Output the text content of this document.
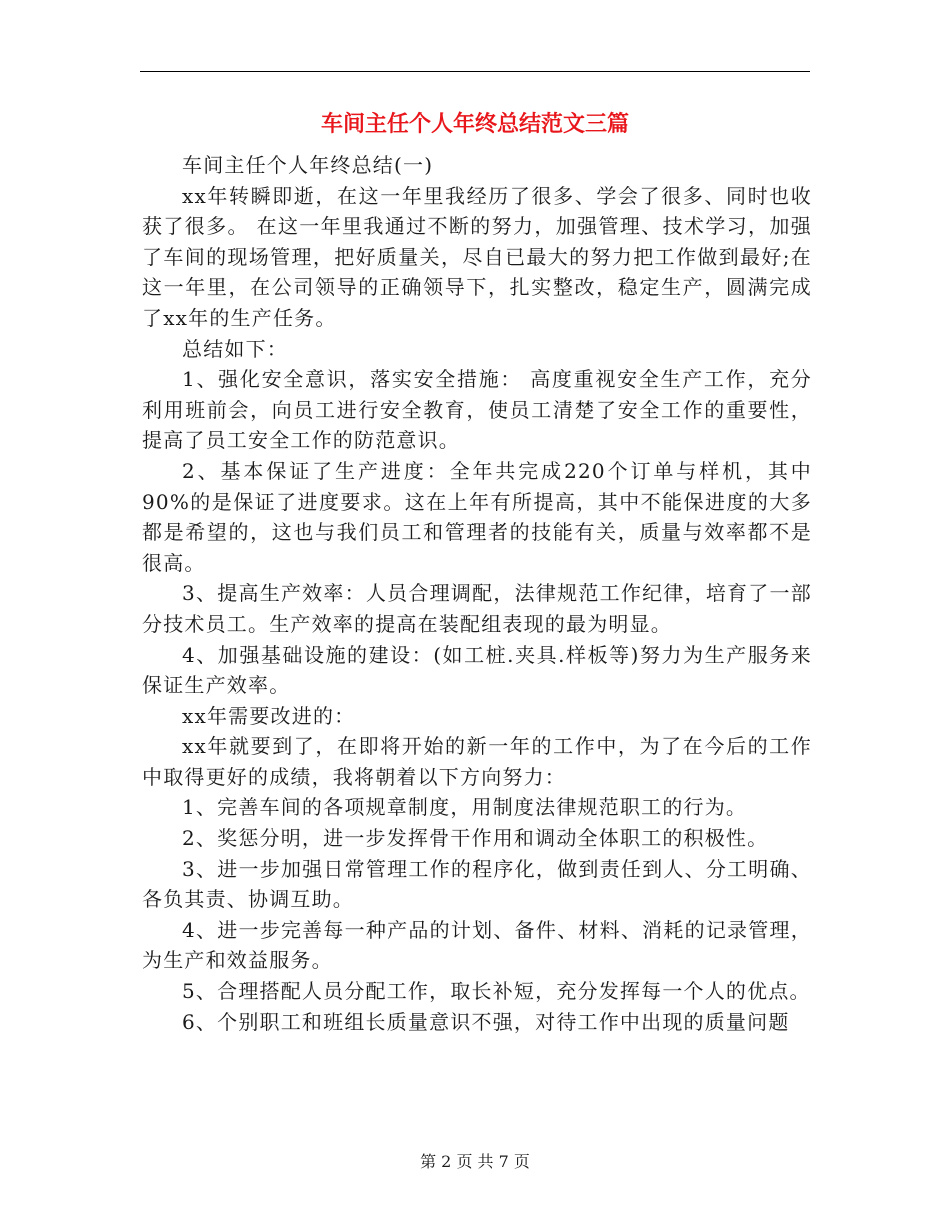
车间主任个人年终总结范文三篇

车间主任个人年终总结(一)

xx年转瞬即逝，在这一年里我经历了很多、学会了很多、同时也收获了很多。 在这一年里我通过不断的努力，加强管理、技术学习，加强了车间的现场管理，把好质量关，尽自已最大的努力把工作做到最好;在这一年里，在公司领导的正确领导下，扎实整改，稳定生产，圆满完成了xx年的生产任务。

总结如下：

1、强化安全意识，落实安全措施： 高度重视安全生产工作，充分利用班前会，向员工进行安全教育，使员工清楚了安全工作的重要性，提高了员工安全工作的防范意识。

2、基本保证了生产进度：全年共完成220个订单与样机，其中90%的是保证了进度要求。这在上年有所提高，其中不能保进度的大多都是希望的，这也与我们员工和管理者的技能有关，质量与效率都不是很高。

3、提高生产效率：人员合理调配，法律规范工作纪律，培育了一部分技术员工。生产效率的提高在装配组表现的最为明显。

4、加强基础设施的建设：(如工桩.夹具.样板等)努力为生产服务来保证生产效率。

xx年需要改进的：

xx年就要到了，在即将开始的新一年的工作中，为了在今后的工作中取得更好的成绩，我将朝着以下方向努力：

1、完善车间的各项规章制度，用制度法律规范职工的行为。

2、奖惩分明，进一步发挥骨干作用和调动全体职工的积极性。

3、进一步加强日常管理工作的程序化，做到责任到人、分工明确、各负其责、协调互助。

4、进一步完善每一种产品的计划、备件、材料、消耗的记录管理，为生产和效益服务。

5、合理搭配人员分配工作，取长补短，充分发挥每一个人的优点。

6、个别职工和班组长质量意识不强，对待工作中出现的质量问题

第 2 页 共 7 页
